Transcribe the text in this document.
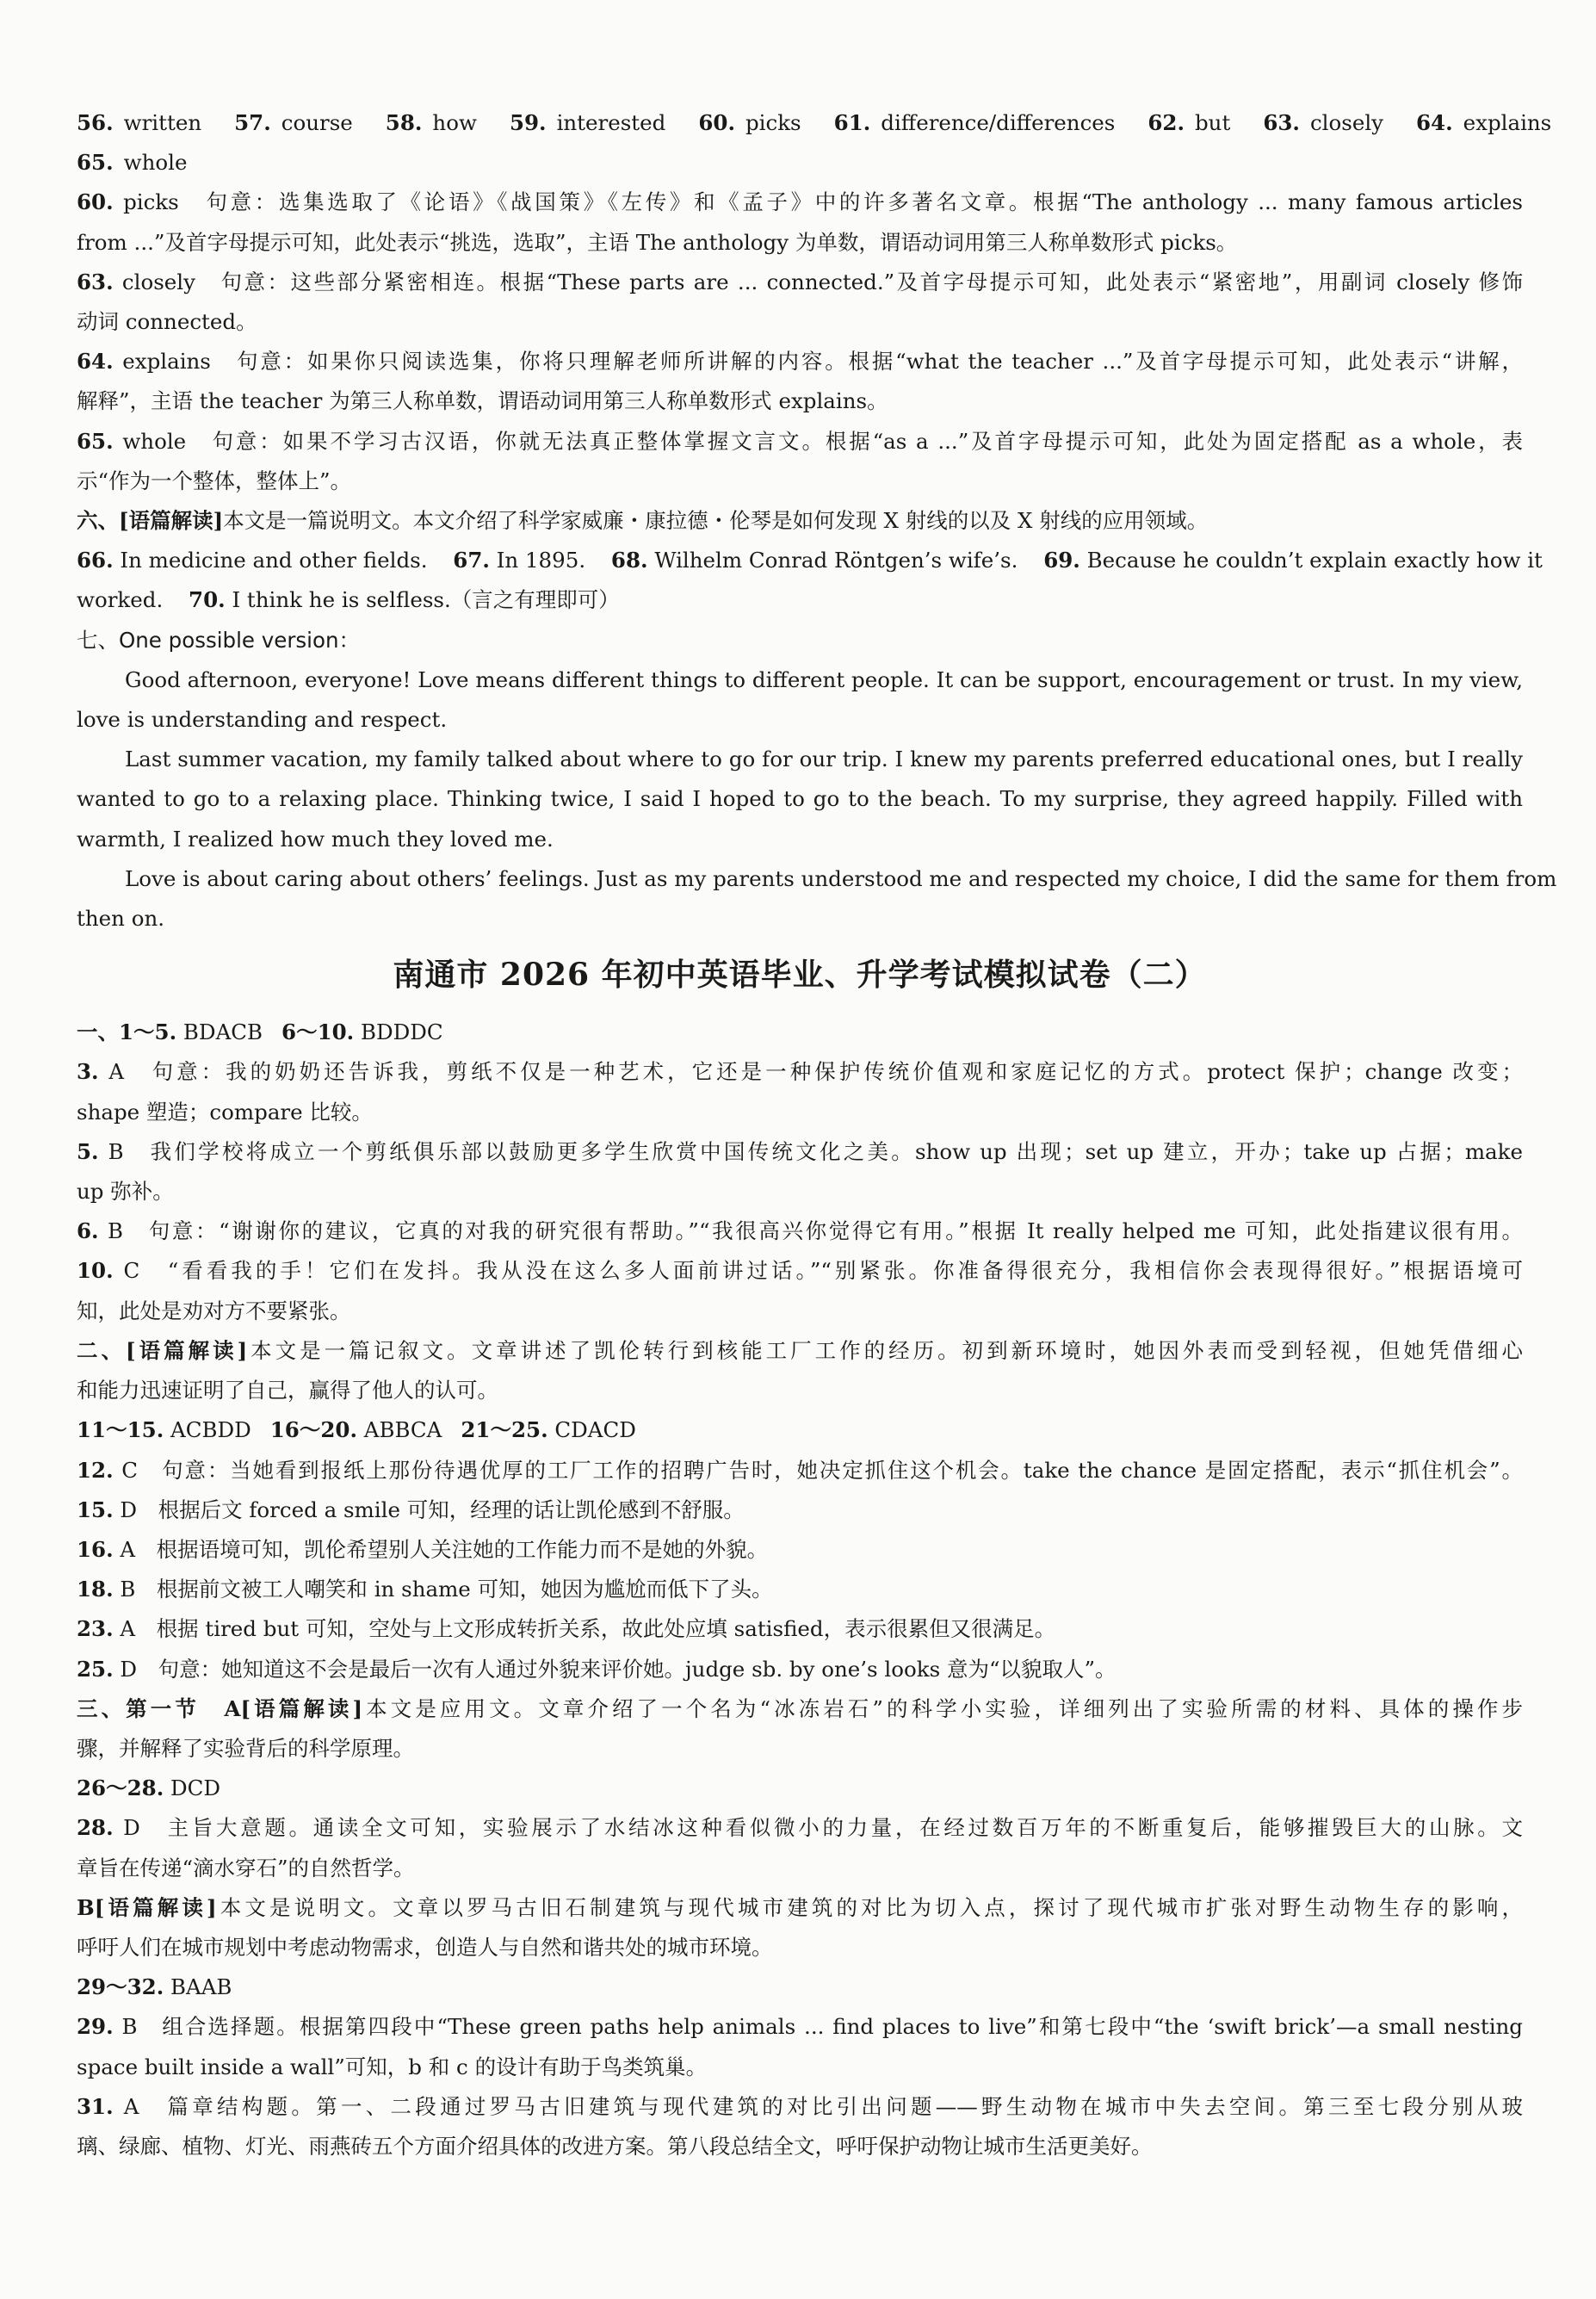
56. written 57. course 58. how 59. interested 60. picks 61. difference/differences 62. but 63. closely 64. explains
65. whole
60. picks　句意：选集选取了《论语》《战国策》《左传》和《孟子》中的许多著名文章。根据“The anthology ... many famous articles
from ...”及首字母提示可知，此处表示“挑选，选取”，主语 The anthology 为单数，谓语动词用第三人称单数形式 picks。
63. closely　句意：这些部分紧密相连。根据“These parts are ... connected.”及首字母提示可知，此处表示“紧密地”，用副词 closely 修饰
动词 connected。
64. explains　句意：如果你只阅读选集，你将只理解老师所讲解的内容。根据“what the teacher ...”及首字母提示可知，此处表示“讲解，
解释”，主语 the teacher 为第三人称单数，谓语动词用第三人称单数形式 explains。
65. whole　句意：如果不学习古汉语，你就无法真正整体掌握文言文。根据“as a ...”及首字母提示可知，此处为固定搭配 as a whole，表
示“作为一个整体，整体上”。
六、[语篇解读]本文是一篇说明文。本文介绍了科学家威廉・康拉德・伦琴是如何发现 X 射线的以及 X 射线的应用领域。
66. In medicine and other fields. 67. In 1895. 68. Wilhelm Conrad Röntgen’s wife’s. 69. Because he couldn’t explain exactly how it
worked. 70. I think he is selfless.（言之有理即可）
七、One possible version：
Good afternoon, everyone! Love means different things to different people. It can be support, encouragement or trust. In my view,
love is understanding and respect.
Last summer vacation, my family talked about where to go for our trip. I knew my parents preferred educational ones, but I really
wanted to go to a relaxing place. Thinking twice, I said I hoped to go to the beach. To my surprise, they agreed happily. Filled with
warmth, I realized how much they loved me.
Love is about caring about others’ feelings. Just as my parents understood me and respected my choice, I did the same for them from
then on.
南通市 2026 年初中英语毕业、升学考试模拟试卷（二）
一、1～5. BDACB 6～10. BDDDC
3. A　句意：我的奶奶还告诉我，剪纸不仅是一种艺术，它还是一种保护传统价值观和家庭记忆的方式。protect 保护；change 改变；
shape 塑造；compare 比较。
5. B　我们学校将成立一个剪纸俱乐部以鼓励更多学生欣赏中国传统文化之美。show up 出现；set up 建立，开办；take up 占据；make
up 弥补。
6. B　句意：“谢谢你的建议，它真的对我的研究很有帮助。”“我很高兴你觉得它有用。”根据 It really helped me 可知，此处指建议很有用。
10. C　“看看我的手！它们在发抖。我从没在这么多人面前讲过话。”“别紧张。你准备得很充分，我相信你会表现得很好。”根据语境可
知，此处是劝对方不要紧张。
二、[语篇解读]本文是一篇记叙文。文章讲述了凯伦转行到核能工厂工作的经历。初到新环境时，她因外表而受到轻视，但她凭借细心
和能力迅速证明了自己，赢得了他人的认可。
11～15. ACBDD 16～20. ABBCA 21～25. CDACD
12. C　句意：当她看到报纸上那份待遇优厚的工厂工作的招聘广告时，她决定抓住这个机会。take the chance 是固定搭配，表示“抓住机会”。
15. D　根据后文 forced a smile 可知，经理的话让凯伦感到不舒服。
16. A　根据语境可知，凯伦希望别人关注她的工作能力而不是她的外貌。
18. B　根据前文被工人嘲笑和 in shame 可知，她因为尴尬而低下了头。
23. A　根据 tired but 可知，空处与上文形成转折关系，故此处应填 satisfied，表示很累但又很满足。
25. D　句意：她知道这不会是最后一次有人通过外貌来评价她。judge sb. by one’s looks 意为“以貌取人”。
三、第一节　A[语篇解读]本文是应用文。文章介绍了一个名为“冰冻岩石”的科学小实验，详细列出了实验所需的材料、具体的操作步
骤，并解释了实验背后的科学原理。
26～28. DCD
28. D　主旨大意题。通读全文可知，实验展示了水结冰这种看似微小的力量，在经过数百万年的不断重复后，能够摧毁巨大的山脉。文
章旨在传递“滴水穿石”的自然哲学。
B[语篇解读]本文是说明文。文章以罗马古旧石制建筑与现代城市建筑的对比为切入点，探讨了现代城市扩张对野生动物生存的影响，
呼吁人们在城市规划中考虑动物需求，创造人与自然和谐共处的城市环境。
29～32. BAAB
29. B　组合选择题。根据第四段中“These green paths help animals ... find places to live”和第七段中“the ‘swift brick’—a small nesting
space built inside a wall”可知，b 和 c 的设计有助于鸟类筑巢。
31. A　篇章结构题。第一、二段通过罗马古旧建筑与现代建筑的对比引出问题——野生动物在城市中失去空间。第三至七段分别从玻
璃、绿廊、植物、灯光、雨燕砖五个方面介绍具体的改进方案。第八段总结全文，呼吁保护动物让城市生活更美好。
